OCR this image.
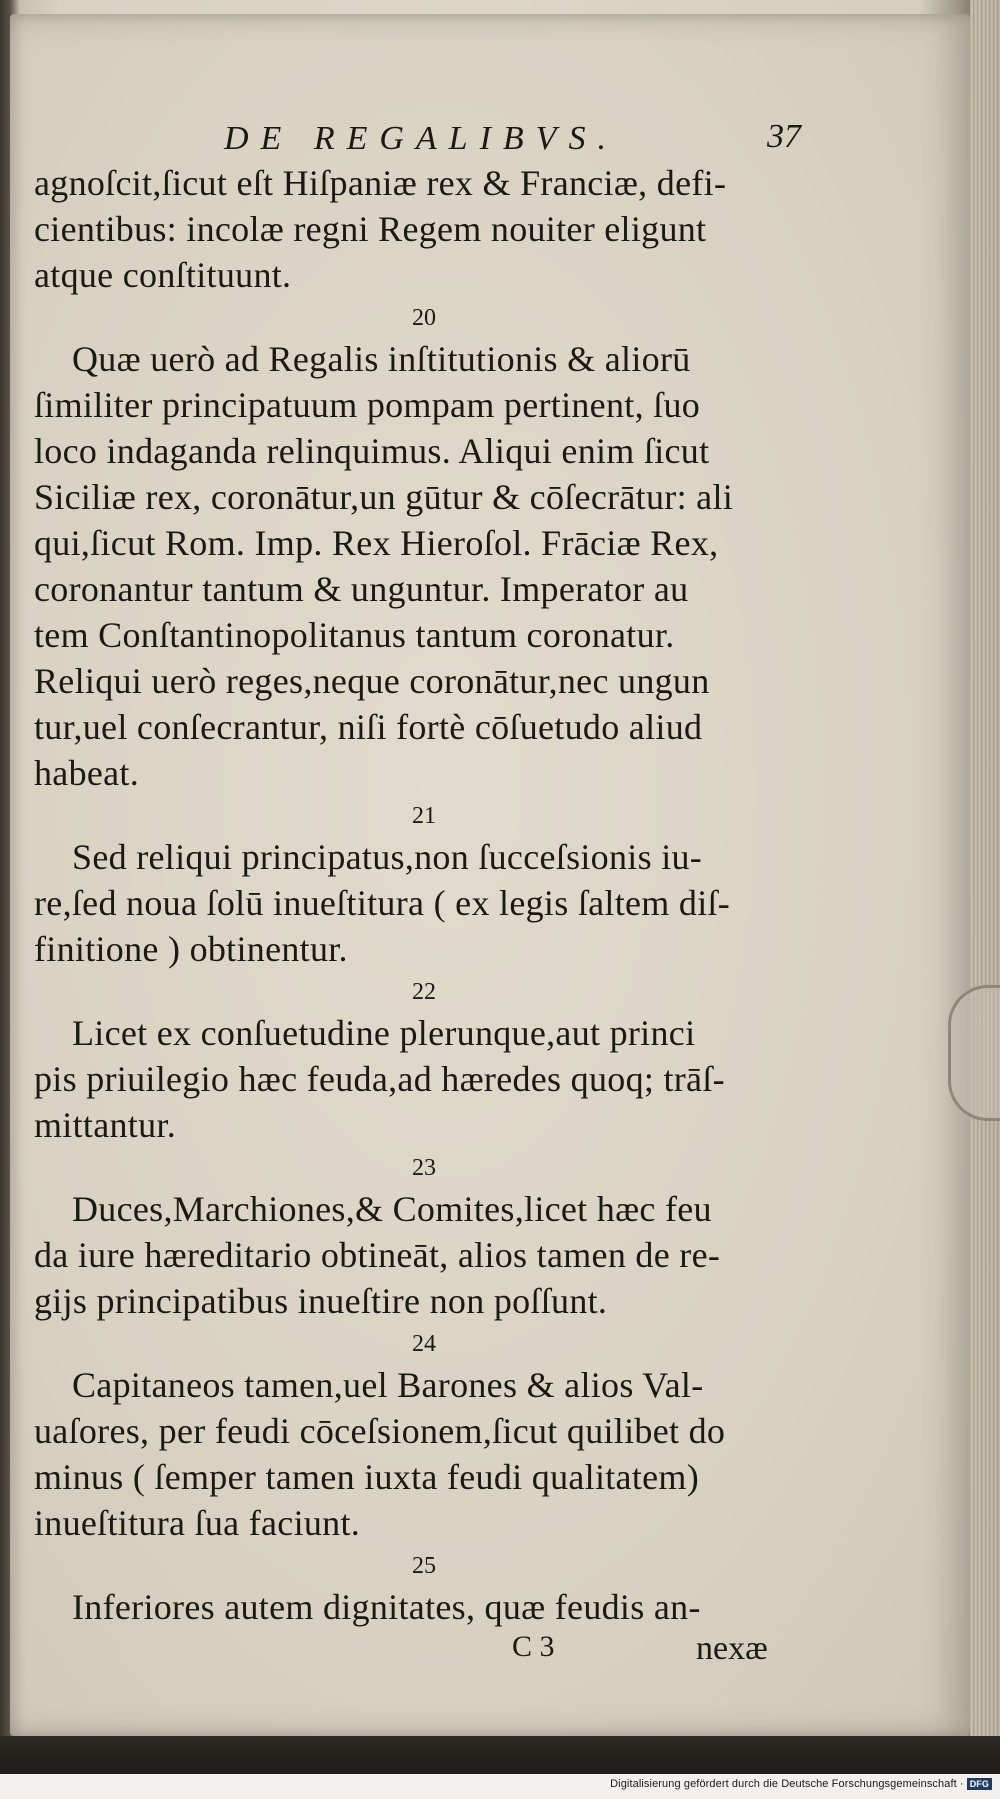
DE REGALIBVS.	37
agnoſcit,ſicut eſt Hiſpaniæ rex & Franciæ, defi-
cientibus: incolæ regni Regem nouiter eligunt
atque conſtituunt.
20
Quæ uerò ad Regalis inſtitutionis & aliorū
ſimiliter principatuum pompam pertinent, ſuo
loco indaganda relinquimus. Aliqui enim ſicut
Siciliæ rex, coronātur,un gūtur & cōſecrātur: ali
qui,ſicut Rom. Imp. Rex Hieroſol. Frāciæ Rex,
coronantur tantum & unguntur. Imperator au
tem Conſtantinopolitanus tantum coronatur.
Reliqui uerò reges,neque coronātur,nec ungun
tur,uel conſecrantur, niſi fortè cōſuetudo aliud
habeat.
21
Sed reliqui principatus,non ſucceſsionis iu-
re,ſed noua ſolū inueſtitura ( ex legis ſaltem diſ-
finitione ) obtinentur.
22
Licet ex conſuetudine plerunque,aut princi
pis priuilegio hæc feuda,ad hæredes quoq; trāſ-
mittantur.
23
Duces,Marchiones,& Comites,licet hæc feu
da iure hæreditario obtineāt, alios tamen de re-
gijs principatibus inueſtire non poſſunt.
24
Capitaneos tamen,uel Barones & alios Val-
uaſores, per feudi cōceſsionem,ſicut quilibet do
minus ( ſemper tamen iuxta feudi qualitatem)
inueſtitura ſua faciunt.
25
Inferiores autem dignitates, quæ feudis an-
C 3	nexæ
Digitalisierung gefördert durch die Deutsche Forschungsgemeinschaft · DFG
